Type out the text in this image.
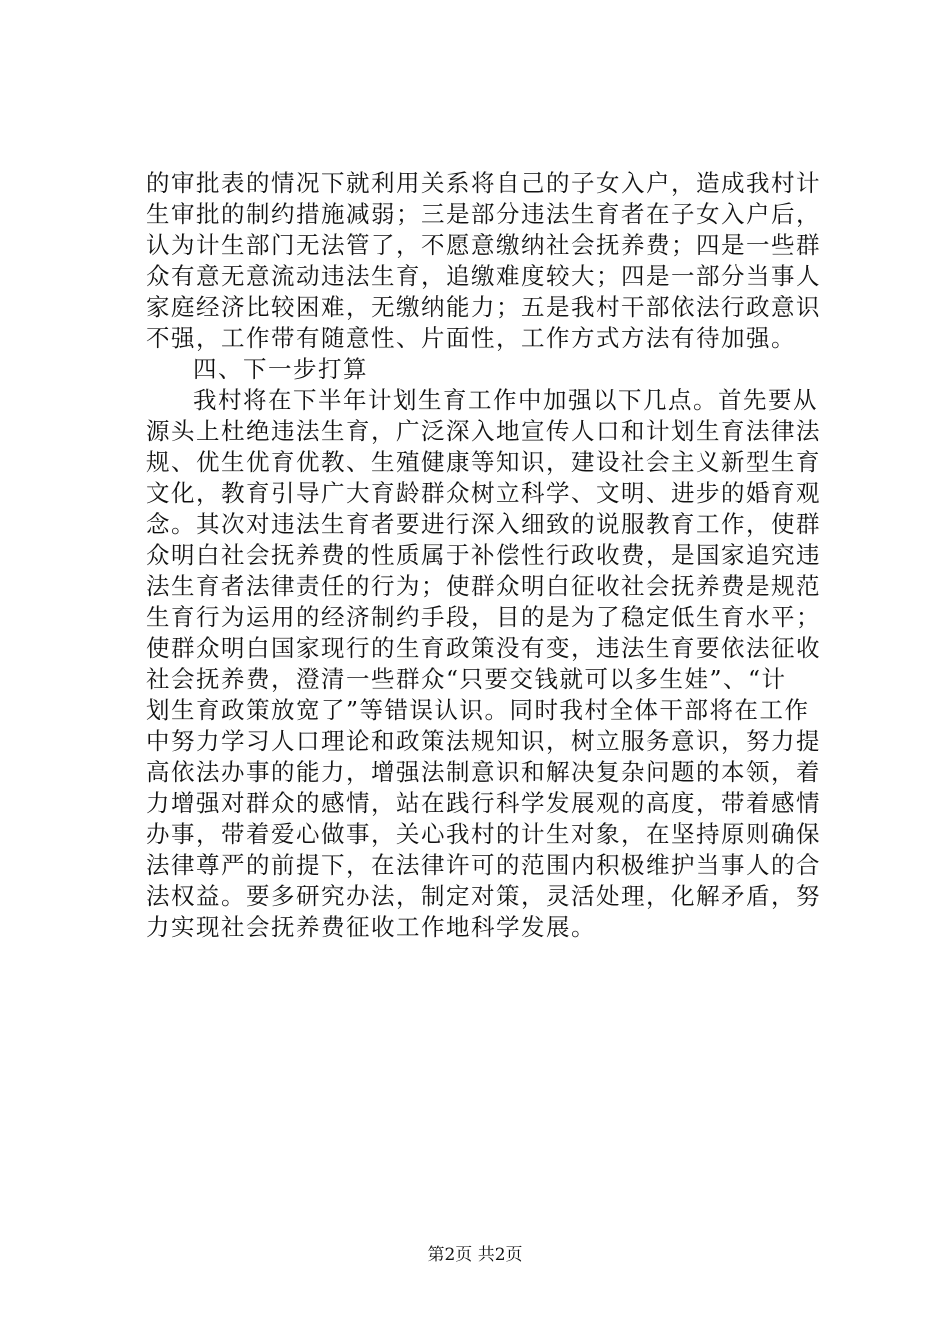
的审批表的情况下就利用关系将自己的子女入户，造成我村计
生审批的制约措施减弱；三是部分违法生育者在子女入户后，
认为计生部门无法管了，不愿意缴纳社会抚养费；四是一些群
众有意无意流动违法生育，追缴难度较大；四是一部分当事人
家庭经济比较困难，无缴纳能力；五是我村干部依法行政意识
不强，工作带有随意性、片面性，工作方式方法有待加强。
四、下一步打算
我村将在下半年计划生育工作中加强以下几点。首先要从
源头上杜绝违法生育，广泛深入地宣传人口和计划生育法律法
规、优生优育优教、生殖健康等知识，建设社会主义新型生育
文化，教育引导广大育龄群众树立科学、文明、进步的婚育观
念。其次对违法生育者要进行深入细致的说服教育工作，使群
众明白社会抚养费的性质属于补偿性行政收费，是国家追究违
法生育者法律责任的行为；使群众明白征收社会抚养费是规范
生育行为运用的经济制约手段，目的是为了稳定低生育水平；
使群众明白国家现行的生育政策没有变，违法生育要依法征收
社会抚养费，澄清一些群众“只要交钱就可以多生娃”、“计
划生育政策放宽了”等错误认识。同时我村全体干部将在工作
中努力学习人口理论和政策法规知识，树立服务意识，努力提
高依法办事的能力，增强法制意识和解决复杂问题的本领，着
力增强对群众的感情，站在践行科学发展观的高度，带着感情
办事，带着爱心做事，关心我村的计生对象，在坚持原则确保
法律尊严的前提下，在法律许可的范围内积极维护当事人的合
法权益。要多研究办法，制定对策，灵活处理，化解矛盾，努
力实现社会抚养费征收工作地科学发展。
第2页 共2页
